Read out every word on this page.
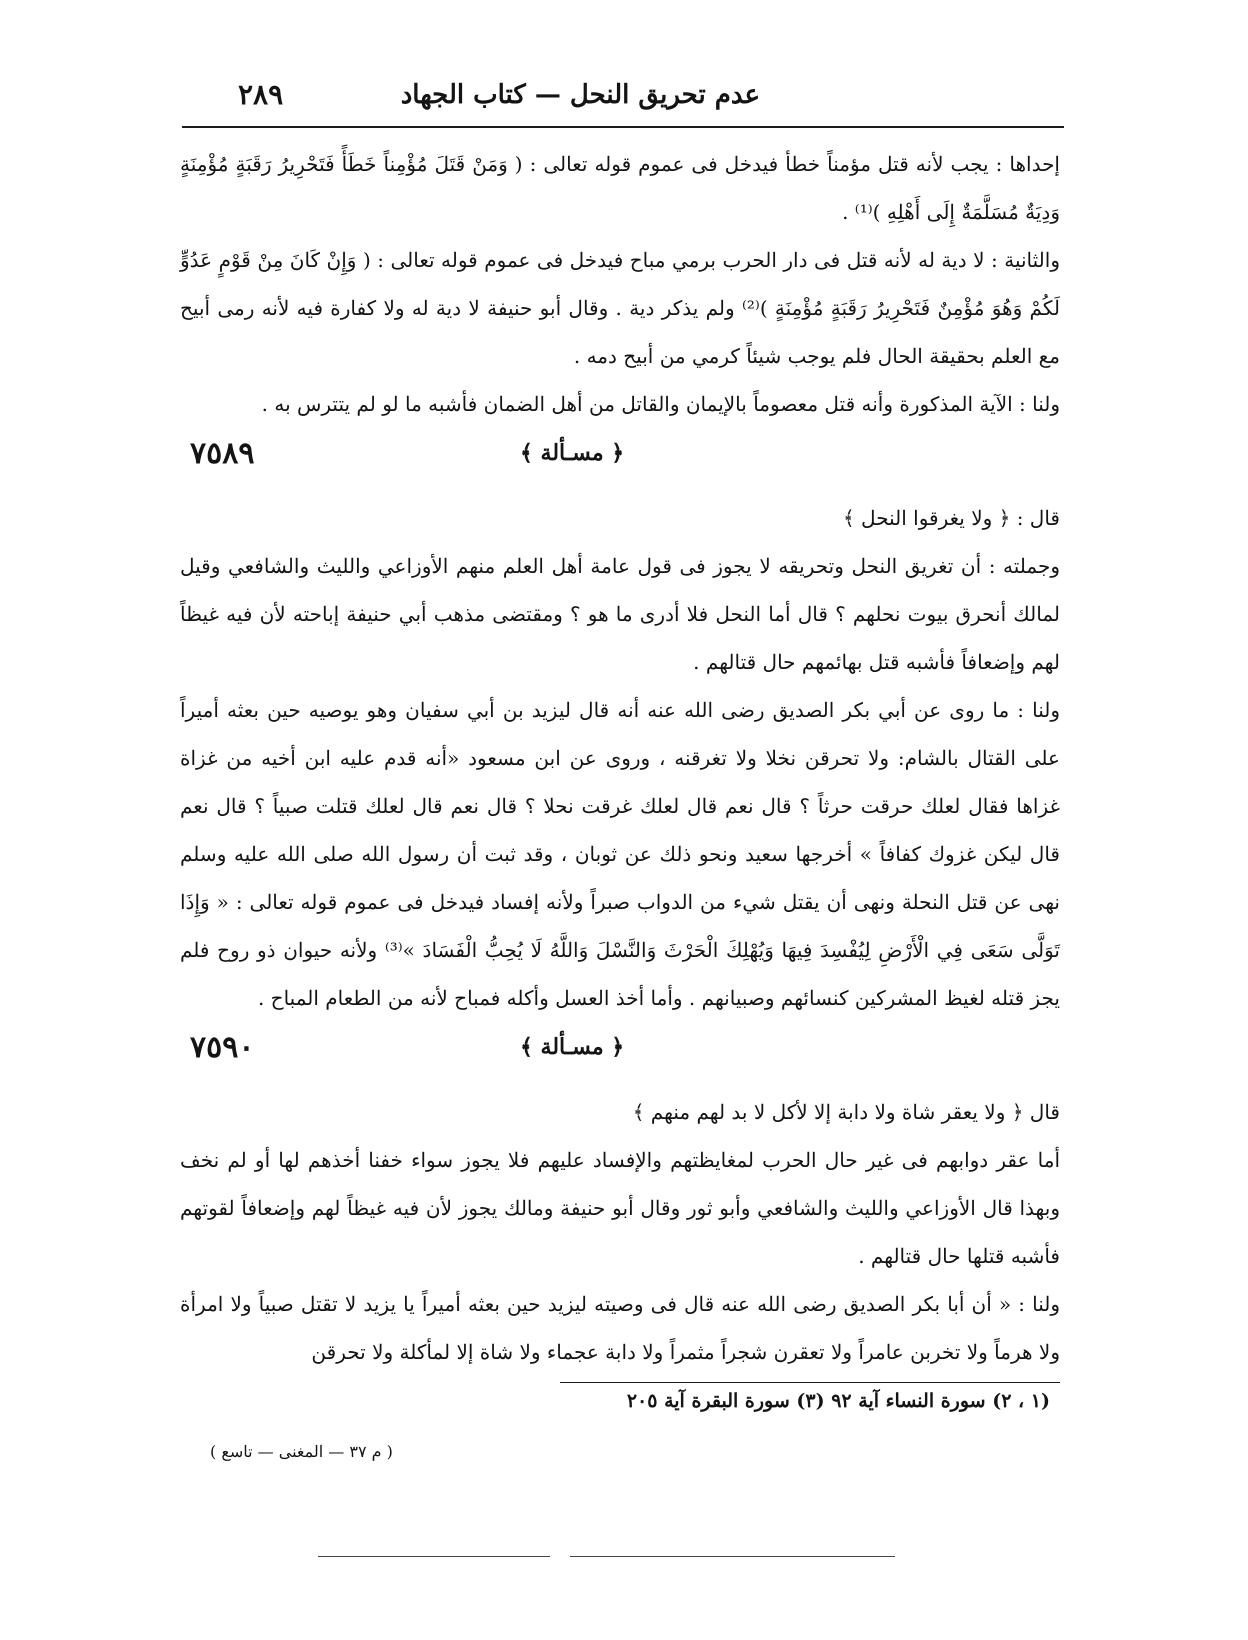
عدم تحريق النحل — كتاب الجهاد
٢٨٩

إحداها : يجب لأنه قتل مؤمناً خطأ فيدخل فى عموم قوله تعالى : ( وَمَنْ قَتَلَ مُؤْمِناً خَطَأً فَتَحْرِيرُ رَقَبَةٍ مُؤْمِنَةٍ وَدِيَةٌ مُسَلَّمَةٌ إِلَى أَهْلِهِ )⁽¹⁾ .

والثانية : لا دية له لأنه قتل فى دار الحرب برمي مباح فيدخل فى عموم قوله تعالى : ( وَإِنْ كَانَ مِنْ قَوْمٍ عَدُوٍّ لَكُمْ وَهُوَ مُؤْمِنٌ فَتَحْرِيرُ رَقَبَةٍ مُؤْمِنَةٍ )⁽²⁾ ولم يذكر دية . وقال أبو حنيفة لا دية له ولا كفارة فيه لأنه رمى أبيح مع العلم بحقيقة الحال فلم يوجب شيئاً كرمي من أبيح دمه .

ولنا : الآية المذكورة وأنه قتل معصوماً بالإيمان والقاتل من أهل الضمان فأشبه ما لو لم يتترس به .

٧٥٨٩	﴿ مسـألة ﴾

قال : ﴿ ولا يغرقوا النحل ﴾

وجملته : أن تغريق النحل وتحريقه لا يجوز فى قول عامة أهل العلم منهم الأوزاعي والليث والشافعي وقيل لمالك أنحرق بيوت نحلهم ؟ قال أما النحل فلا أدرى ما هو ؟ ومقتضى مذهب أبي حنيفة إباحته لأن فيه غيظاً لهم وإضعافاً فأشبه قتل بهائمهم حال قتالهم .

ولنا : ما روى عن أبي بكر الصديق رضى الله عنه أنه قال ليزيد بن أبي سفيان وهو يوصيه حين بعثه أميراً على القتال بالشام: ولا تحرقن نخلا ولا تغرقنه ، وروى عن ابن مسعود «أنه قدم عليه ابن أخيه من غزاة غزاها فقال لعلك حرقت حرثاً ؟ قال نعم قال لعلك غرقت نحلا ؟ قال نعم قال لعلك قتلت صبياً ؟ قال نعم قال ليكن غزوك كفافاً » أخرجها سعيد ونحو ذلك عن ثوبان ، وقد ثبت أن رسول الله صلى الله عليه وسلم نهى عن قتل النحلة ونهى أن يقتل شيء من الدواب صبراً ولأنه إفساد فيدخل فى عموم قوله تعالى : « وَإِذَا تَوَلَّى سَعَى فِي الْأَرْضِ لِيُفْسِدَ فِيهَا وَيُهْلِكَ الْحَرْثَ وَالنَّسْلَ وَاللَّهُ لَا يُحِبُّ الْفَسَادَ »⁽³⁾ ولأنه حيوان ذو روح فلم يجز قتله لغيظ المشركين كنسائهم وصبيانهم . وأما أخذ العسل وأكله فمباح لأنه من الطعام المباح .

٧٥٩٠	﴿ مسـألة ﴾

قال ﴿ ولا يعقر شاة ولا دابة إلا لأكل لا بد لهم منهم ﴾

أما عقر دوابهم فى غير حال الحرب لمغايظتهم والإفساد عليهم فلا يجوز سواء خفنا أخذهم لها أو لم نخف وبهذا قال الأوزاعي والليث والشافعي وأبو ثور وقال أبو حنيفة ومالك يجوز لأن فيه غيظاً لهم وإضعافاً لقوتهم فأشبه قتلها حال قتالهم .

ولنا : « أن أبا بكر الصديق رضى الله عنه قال فى وصيته ليزيد حين بعثه أميراً يا يزيد لا تقتل صبياً ولا امرأة ولا هرماً ولا تخربن عامراً ولا تعقرن شجراً مثمراً ولا دابة عجماء ولا شاة إلا لمأكلة ولا تحرقن

(١ ، ٢) سورة النساء آية ٩٢ (٣) سورة البقرة آية ٢٠٥
( م ٣٧ — المغنى — تاسع )
